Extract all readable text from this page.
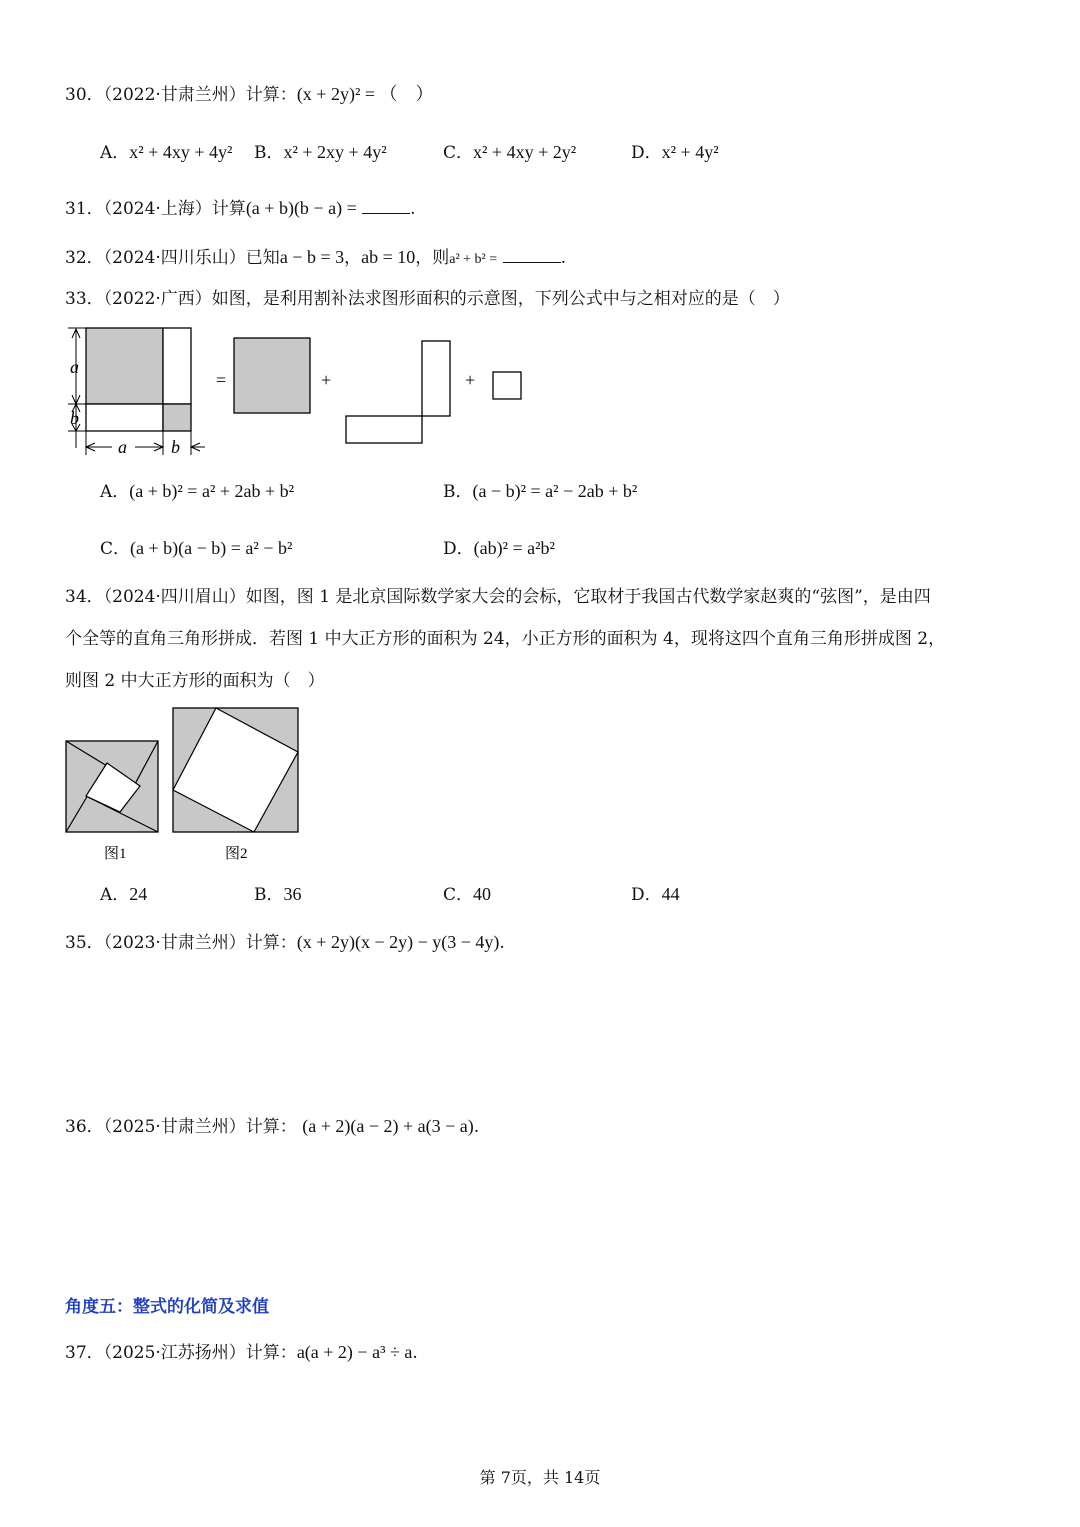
30．（2022·甘肃兰州）计算：(x + 2y)² = （　）
A．x² + 4xy + 4y² B．x² + 2xy + 4y²	C．x² + 4xy + 2y²	D．x² + 4y²
31．（2024·上海）计算(a + b)(b − a) =	.
32．（2024·四川乐山）已知a − b = 3，ab = 10，则a² + b² =	.
33．（2022·广西）如图，是利用割补法求图形面积的示意图，下列公式中与之相对应的是（　）
a
b
a b
=	+	+
A．(a + b)² = a² + 2ab + b²	B．(a − b)² = a² − 2ab + b²
C．(a + b)(a − b) = a² − b²	D．(ab)² = a²b²
34．（2024·四川眉山）如图，图 1 是北京国际数学家大会的会标，它取材于我国古代数学家赵爽的“弦图”，是由四
个全等的直角三角形拼成．若图 1 中大正方形的面积为 24，小正方形的面积为 4，现将这四个直角三角形拼成图 2，
则图 2 中大正方形的面积为（　）
图1	图2
A．24	B．36	C．40	D．44
35．（2023·甘肃兰州）计算：(x + 2y)(x − 2y) − y(3 − 4y).
36．（2025·甘肃兰州）计算： (a + 2)(a − 2) + a(3 − a).
角度五：整式的化简及求值
37．（2025·江苏扬州）计算：a(a + 2) − a³ ÷ a.
第 7页，共 14页
